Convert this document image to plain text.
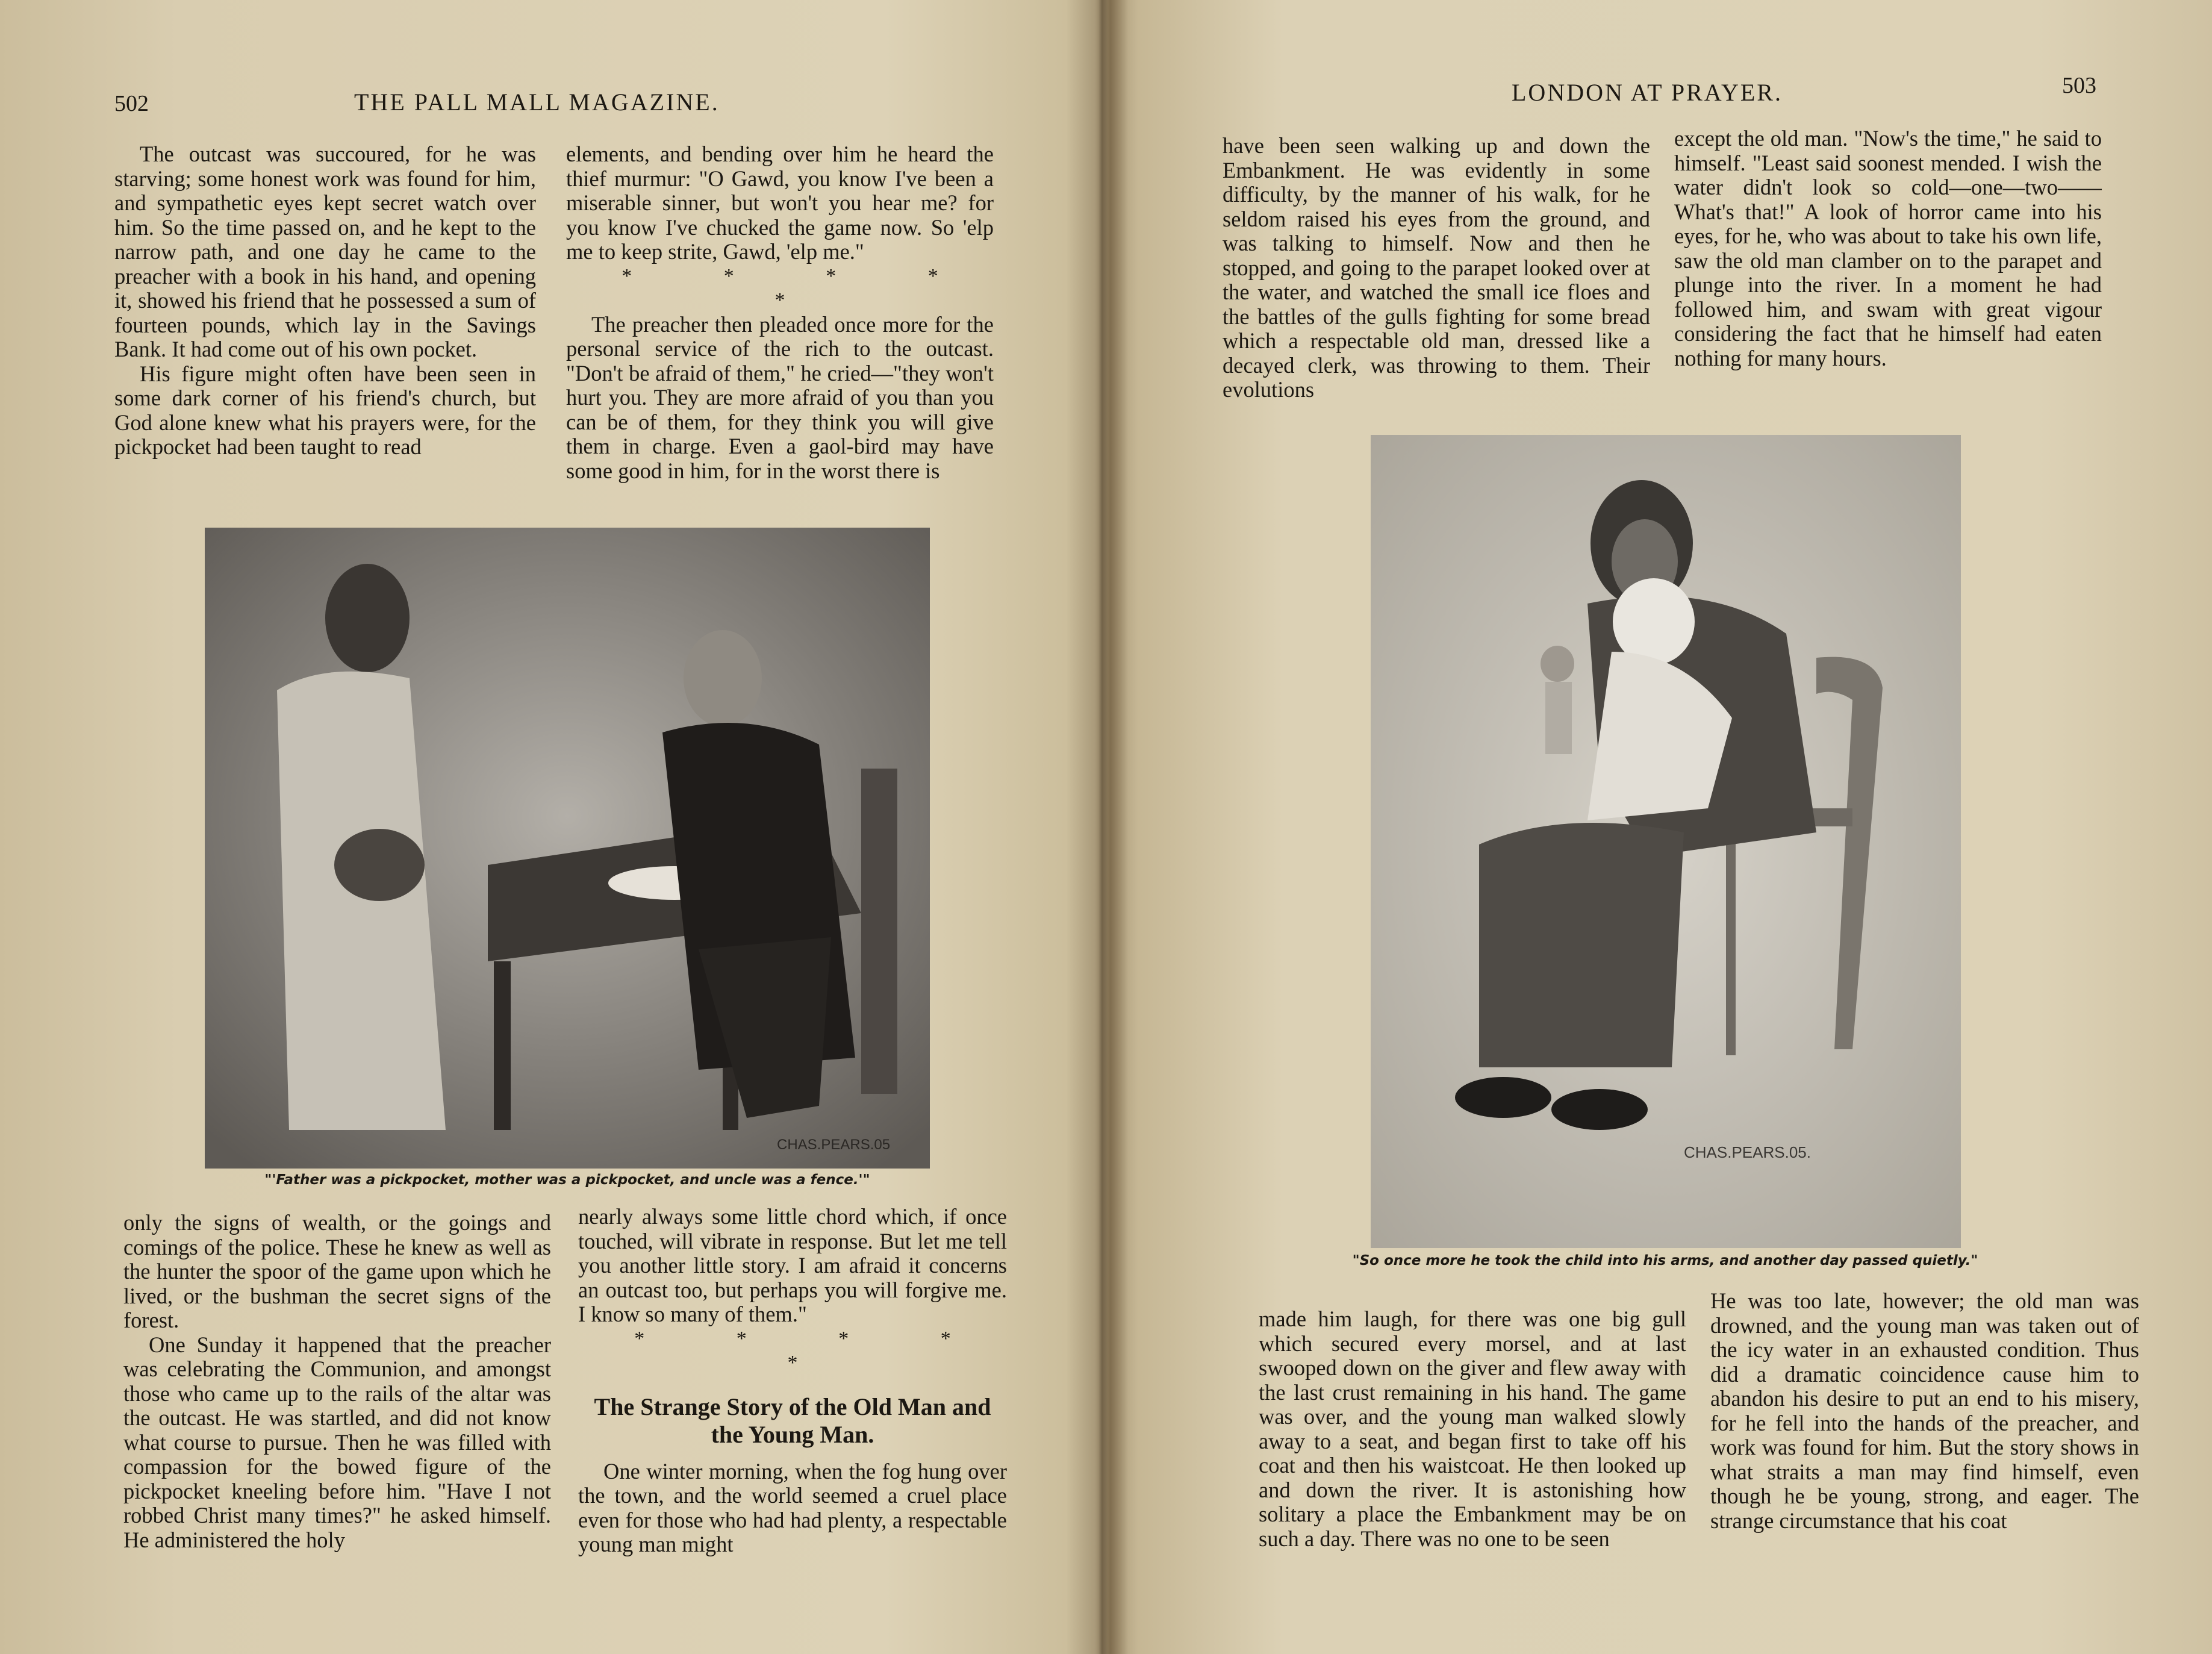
502	THE PALL MALL MAGAZINE.

The outcast was succoured, for he was starving; some honest work was found for him, and sympathetic eyes kept secret watch over him. So the time passed on, and he kept to the narrow path, and one day he came to the preacher with a book in his hand, and opening it, showed his friend that he possessed a sum of fourteen pounds, which lay in the Savings Bank. It had come out of his own pocket.

His figure might often have been seen in some dark corner of his friend's church, but God alone knew what his prayers were, for the pickpocket had been taught to read

elements, and bending over him he heard the thief murmur: "O Gawd, you know I've been a miserable sinner, but won't you hear me? for you know I've chucked the game now. So 'elp me to keep strite, Gawd, 'elp me."

* * * * *

The preacher then pleaded once more for the personal service of the rich to the outcast. "Don't be afraid of them," he cried—"they won't hurt you. They are more afraid of you than you can be of them, for they think you will give them in charge. Even a gaol-bird may have some good in him, for in the worst there is

CHAS.PEARS.05
"'Father was a pickpocket, mother was a pickpocket, and uncle was a fence.'"

only the signs of wealth, or the goings and comings of the police. These he knew as well as the hunter the spoor of the game upon which he lived, or the bushman the secret signs of the forest.

One Sunday it happened that the preacher was celebrating the Communion, and amongst those who came up to the rails of the altar was the outcast. He was startled, and did not know what course to pursue. Then he was filled with compassion for the bowed figure of the pickpocket kneeling before him. "Have I not robbed Christ many times?" he asked himself. He administered the holy

nearly always some little chord which, if once touched, will vibrate in response. But let me tell you another little story. I am afraid it concerns an outcast too, but perhaps you will forgive me. I know so many of them."

* * * * *
The Strange Story of the Old Man and the Young Man.

One winter morning, when the fog hung over the town, and the world seemed a cruel place even for those who had had plenty, a respectable young man might

LONDON AT PRAYER.	503

have been seen walking up and down the Embankment. He was evidently in some difficulty, by the manner of his walk, for he seldom raised his eyes from the ground, and was talking to himself. Now and then he stopped, and going to the parapet looked over at the water, and watched the small ice floes and the battles of the gulls fighting for some bread which a respectable old man, dressed like a decayed clerk, was throwing to them. Their evolutions

except the old man. "Now's the time," he said to himself. "Least said soonest mended. I wish the water didn't look so cold—one—two—— What's that!" A look of horror came into his eyes, for he, who was about to take his own life, saw the old man clamber on to the parapet and plunge into the river. In a moment he had followed him, and swam with great vigour considering the fact that he himself had eaten nothing for many hours.

CHAS.PEARS.05.
"So once more he took the child into his arms, and another day passed quietly."

made him laugh, for there was one big gull which secured every morsel, and at last swooped down on the giver and flew away with the last crust remaining in his hand. The game was over, and the young man walked slowly away to a seat, and began first to take off his coat and then his waistcoat. He then looked up and down the river. It is astonishing how solitary a place the Embankment may be on such a day. There was no one to be seen

He was too late, however; the old man was drowned, and the young man was taken out of the icy water in an exhausted condition. Thus did a dramatic coincidence cause him to abandon his desire to put an end to his misery, for he fell into the hands of the preacher, and work was found for him. But the story shows in what straits a man may find himself, even though he be young, strong, and eager. The strange circumstance that his coat
